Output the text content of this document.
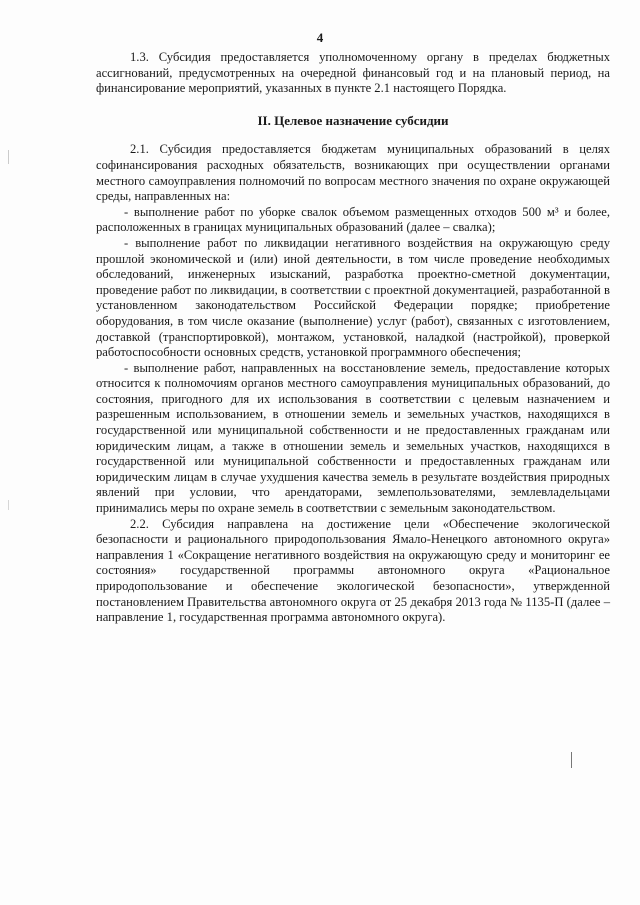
4

1.3. Субсидия предоставляется уполномоченному органу в пределах бюджетных ассигнований, предусмотренных на очередной финансовый год и на плановый период, на финансирование мероприятий, указанных в пункте 2.1 настоящего Порядка.

II. Целевое назначение субсидии

2.1. Субсидия предоставляется бюджетам муниципальных образований в целях софинансирования расходных обязательств, возникающих при осуществлении органами местного самоуправления полномочий по вопросам местного значения по охране окружающей среды, направленных на:

- выполнение работ по уборке свалок объемом размещенных отходов 500 м³ и более, расположенных в границах муниципальных образований (далее – свалка);

- выполнение работ по ликвидации негативного воздействия на окружающую среду прошлой экономической и (или) иной деятельности, в том числе проведение необходимых обследований, инженерных изысканий, разработка проектно-сметной документации, проведение работ по ликвидации, в соответствии с проектной документацией, разработанной в установленном законодательством Российской Федерации порядке; приобретение оборудования, в том числе оказание (выполнение) услуг (работ), связанных с изготовлением, доставкой (транспортировкой), монтажом, установкой, наладкой (настройкой), проверкой работоспособности основных средств, установкой программного обеспечения;

- выполнение работ, направленных на восстановление земель, предоставление которых относится к полномочиям органов местного самоуправления муниципальных образований, до состояния, пригодного для их использования в соответствии с целевым назначением и разрешенным использованием, в отношении земель и земельных участков, находящихся в государственной или муниципальной собственности и не предоставленных гражданам или юридическим лицам, а также в отношении земель и земельных участков, находящихся в государственной или муниципальной собственности и предоставленных гражданам или юридическим лицам в случае ухудшения качества земель в результате воздействия природных явлений при условии, что арендаторами, землепользователями, землевладельцами принимались меры по охране земель в соответствии с земельным законодательством.

2.2. Субсидия направлена на достижение цели «Обеспечение экологической безопасности и рационального природопользования Ямало-Ненецкого автономного округа» направления 1 «Сокращение негативного воздействия на окружающую среду и мониторинг ее состояния» государственной программы автономного округа «Рациональное природопользование и обеспечение экологической безопасности», утвержденной постановлением Правительства автономного округа от 25 декабря 2013 года № 1135-П (далее – направление 1, государственная программа автономного округа).
